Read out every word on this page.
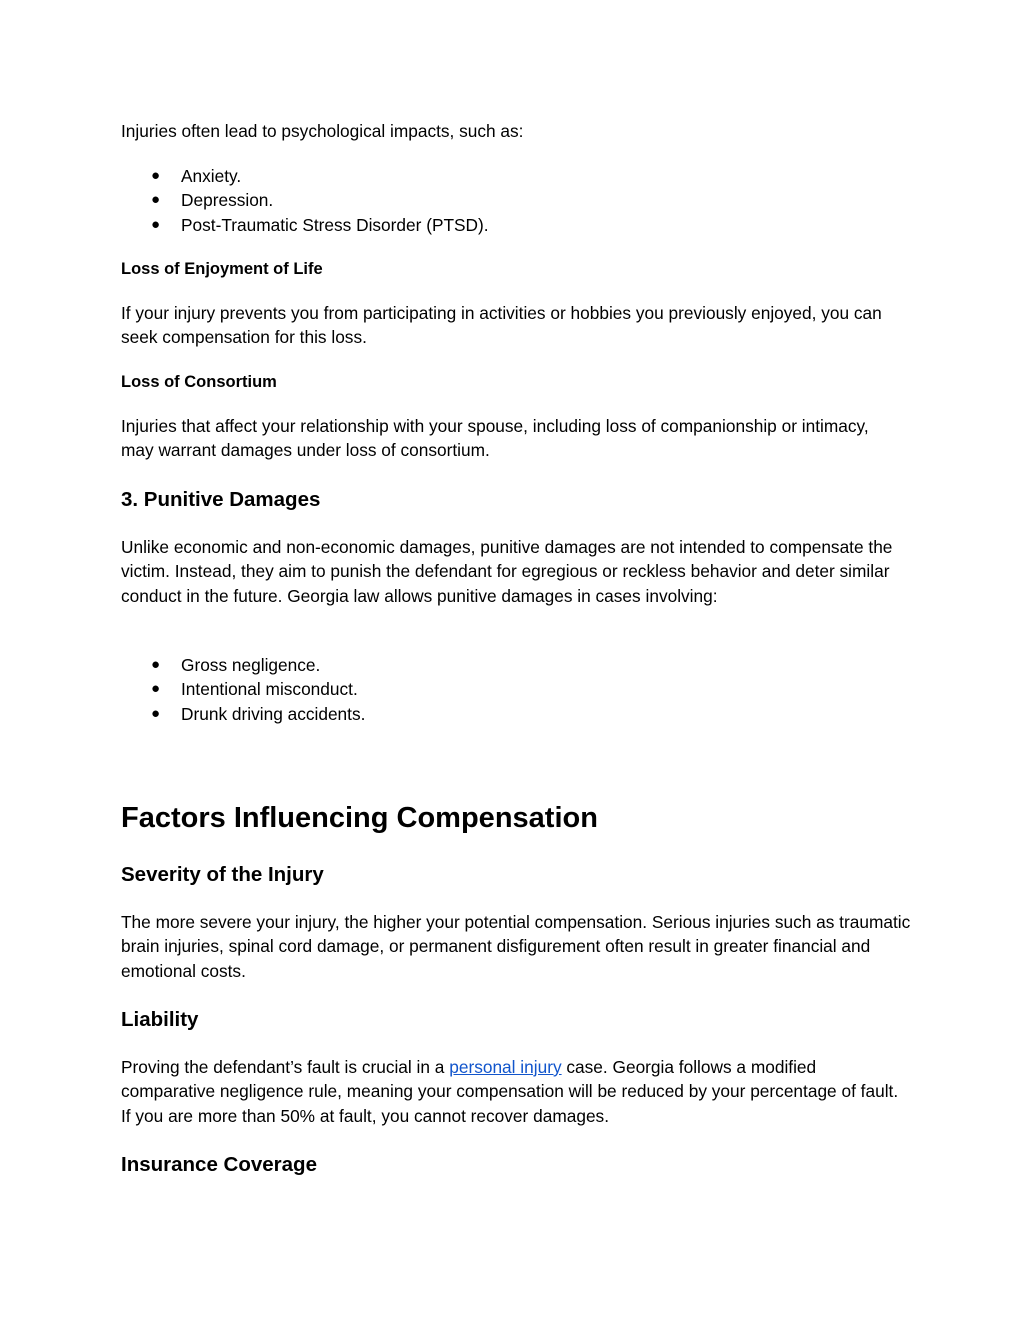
Injuries often lead to psychological impacts, such as:

● Anxiety.
● Depression.
● Post-Traumatic Stress Disorder (PTSD).
Loss of Enjoyment of Life

If your injury prevents you from participating in activities or hobbies you previously enjoyed, you can seek compensation for this loss.

Loss of Consortium

Injuries that affect your relationship with your spouse, including loss of companionship or intimacy, may warrant damages under loss of consortium.

3. Punitive Damages

Unlike economic and non-economic damages, punitive damages are not intended to compensate the victim. Instead, they aim to punish the defendant for egregious or reckless behavior and deter similar conduct in the future. Georgia law allows punitive damages in cases involving:

● Gross negligence.
● Intentional misconduct.
● Drunk driving accidents.
Factors Influencing Compensation
Severity of the Injury

The more severe your injury, the higher your potential compensation. Serious injuries such as traumatic brain injuries, spinal cord damage, or permanent disfigurement often result in greater financial and emotional costs.

Liability

Proving the defendant’s fault is crucial in a personal injury case. Georgia follows a modified comparative negligence rule, meaning your compensation will be reduced by your percentage of fault. If you are more than 50% at fault, you cannot recover damages.

Insurance Coverage
